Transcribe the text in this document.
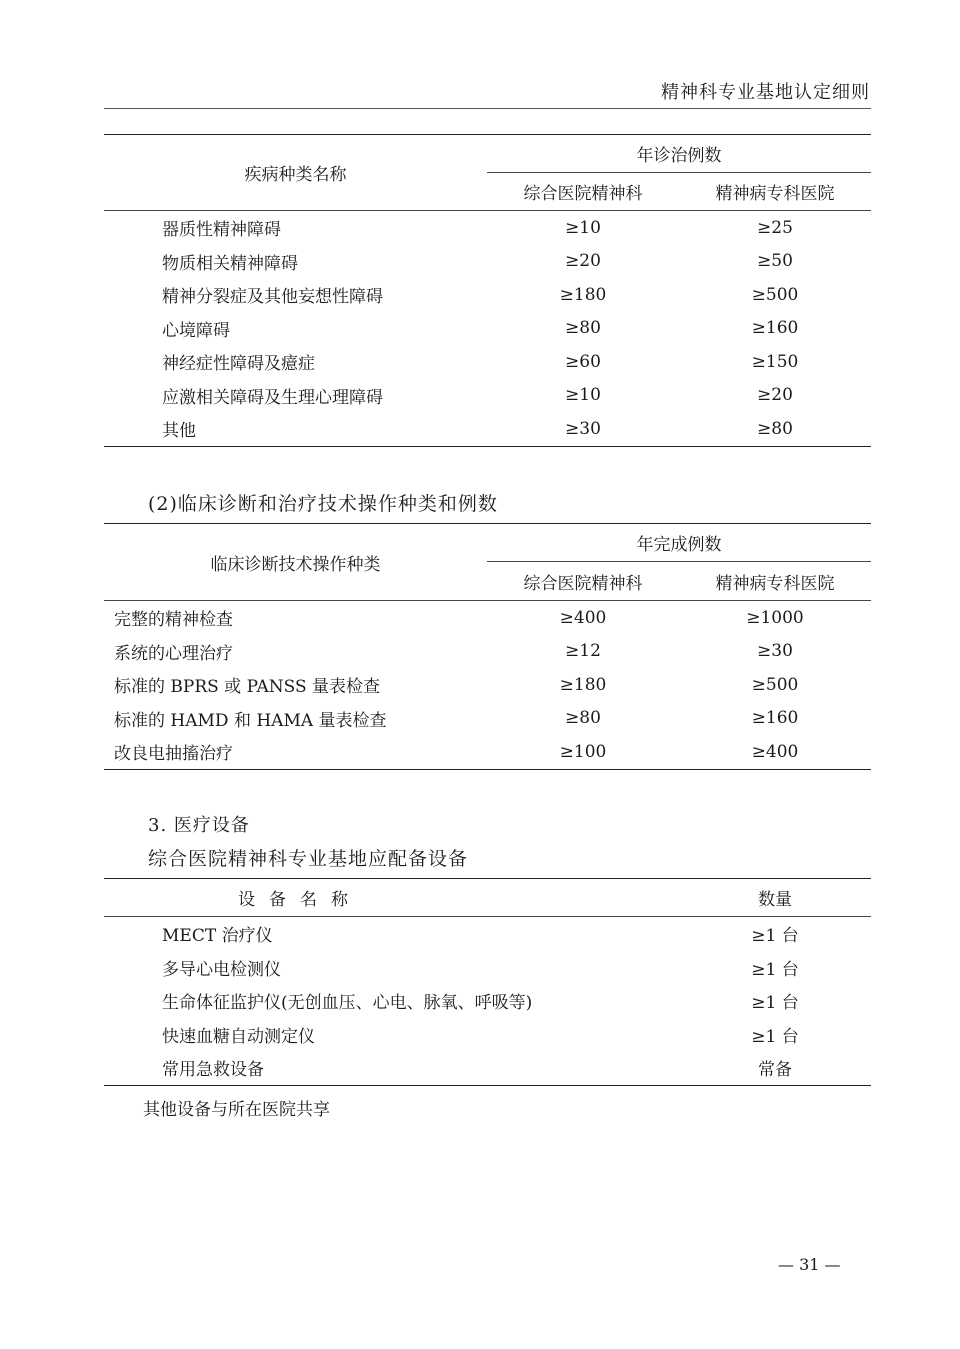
精神科专业基地认定细则
疾病种类名称	年诊治例数	
	综合医院精神科	精神病专科医院
器质性精神障碍	≥10	≥25
物质相关精神障碍	≥20	≥50
精神分裂症及其他妄想性障碍	≥180	≥500
心境障碍	≥80	≥160
神经症性障碍及癔症	≥60	≥150
应激相关障碍及生理心理障碍	≥10	≥20
其他	≥30	≥80
(2)临床诊断和治疗技术操作种类和例数
临床诊断技术操作种类	年完成例数	
	综合医院精神科	精神病专科医院
完整的精神检查	≥400	≥1000
系统的心理治疗	≥12	≥30
标准的 BPRS 或 PANSS 量表检查	≥180	≥500
标准的 HAMD 和 HAMA 量表检查	≥80	≥160
改良电抽搐治疗	≥100	≥400
3. 医疗设备
综合医院精神科专业基地应配备设备
设备名称	数量
MECT 治疗仪	≥1 台
多导心电检测仪	≥1 台
生命体征监护仪(无创血压、心电、脉氧、呼吸等)	≥1 台
快速血糖自动测定仪	≥1 台
常用急救设备	常备
其他设备与所在医院共享
— 31 —
